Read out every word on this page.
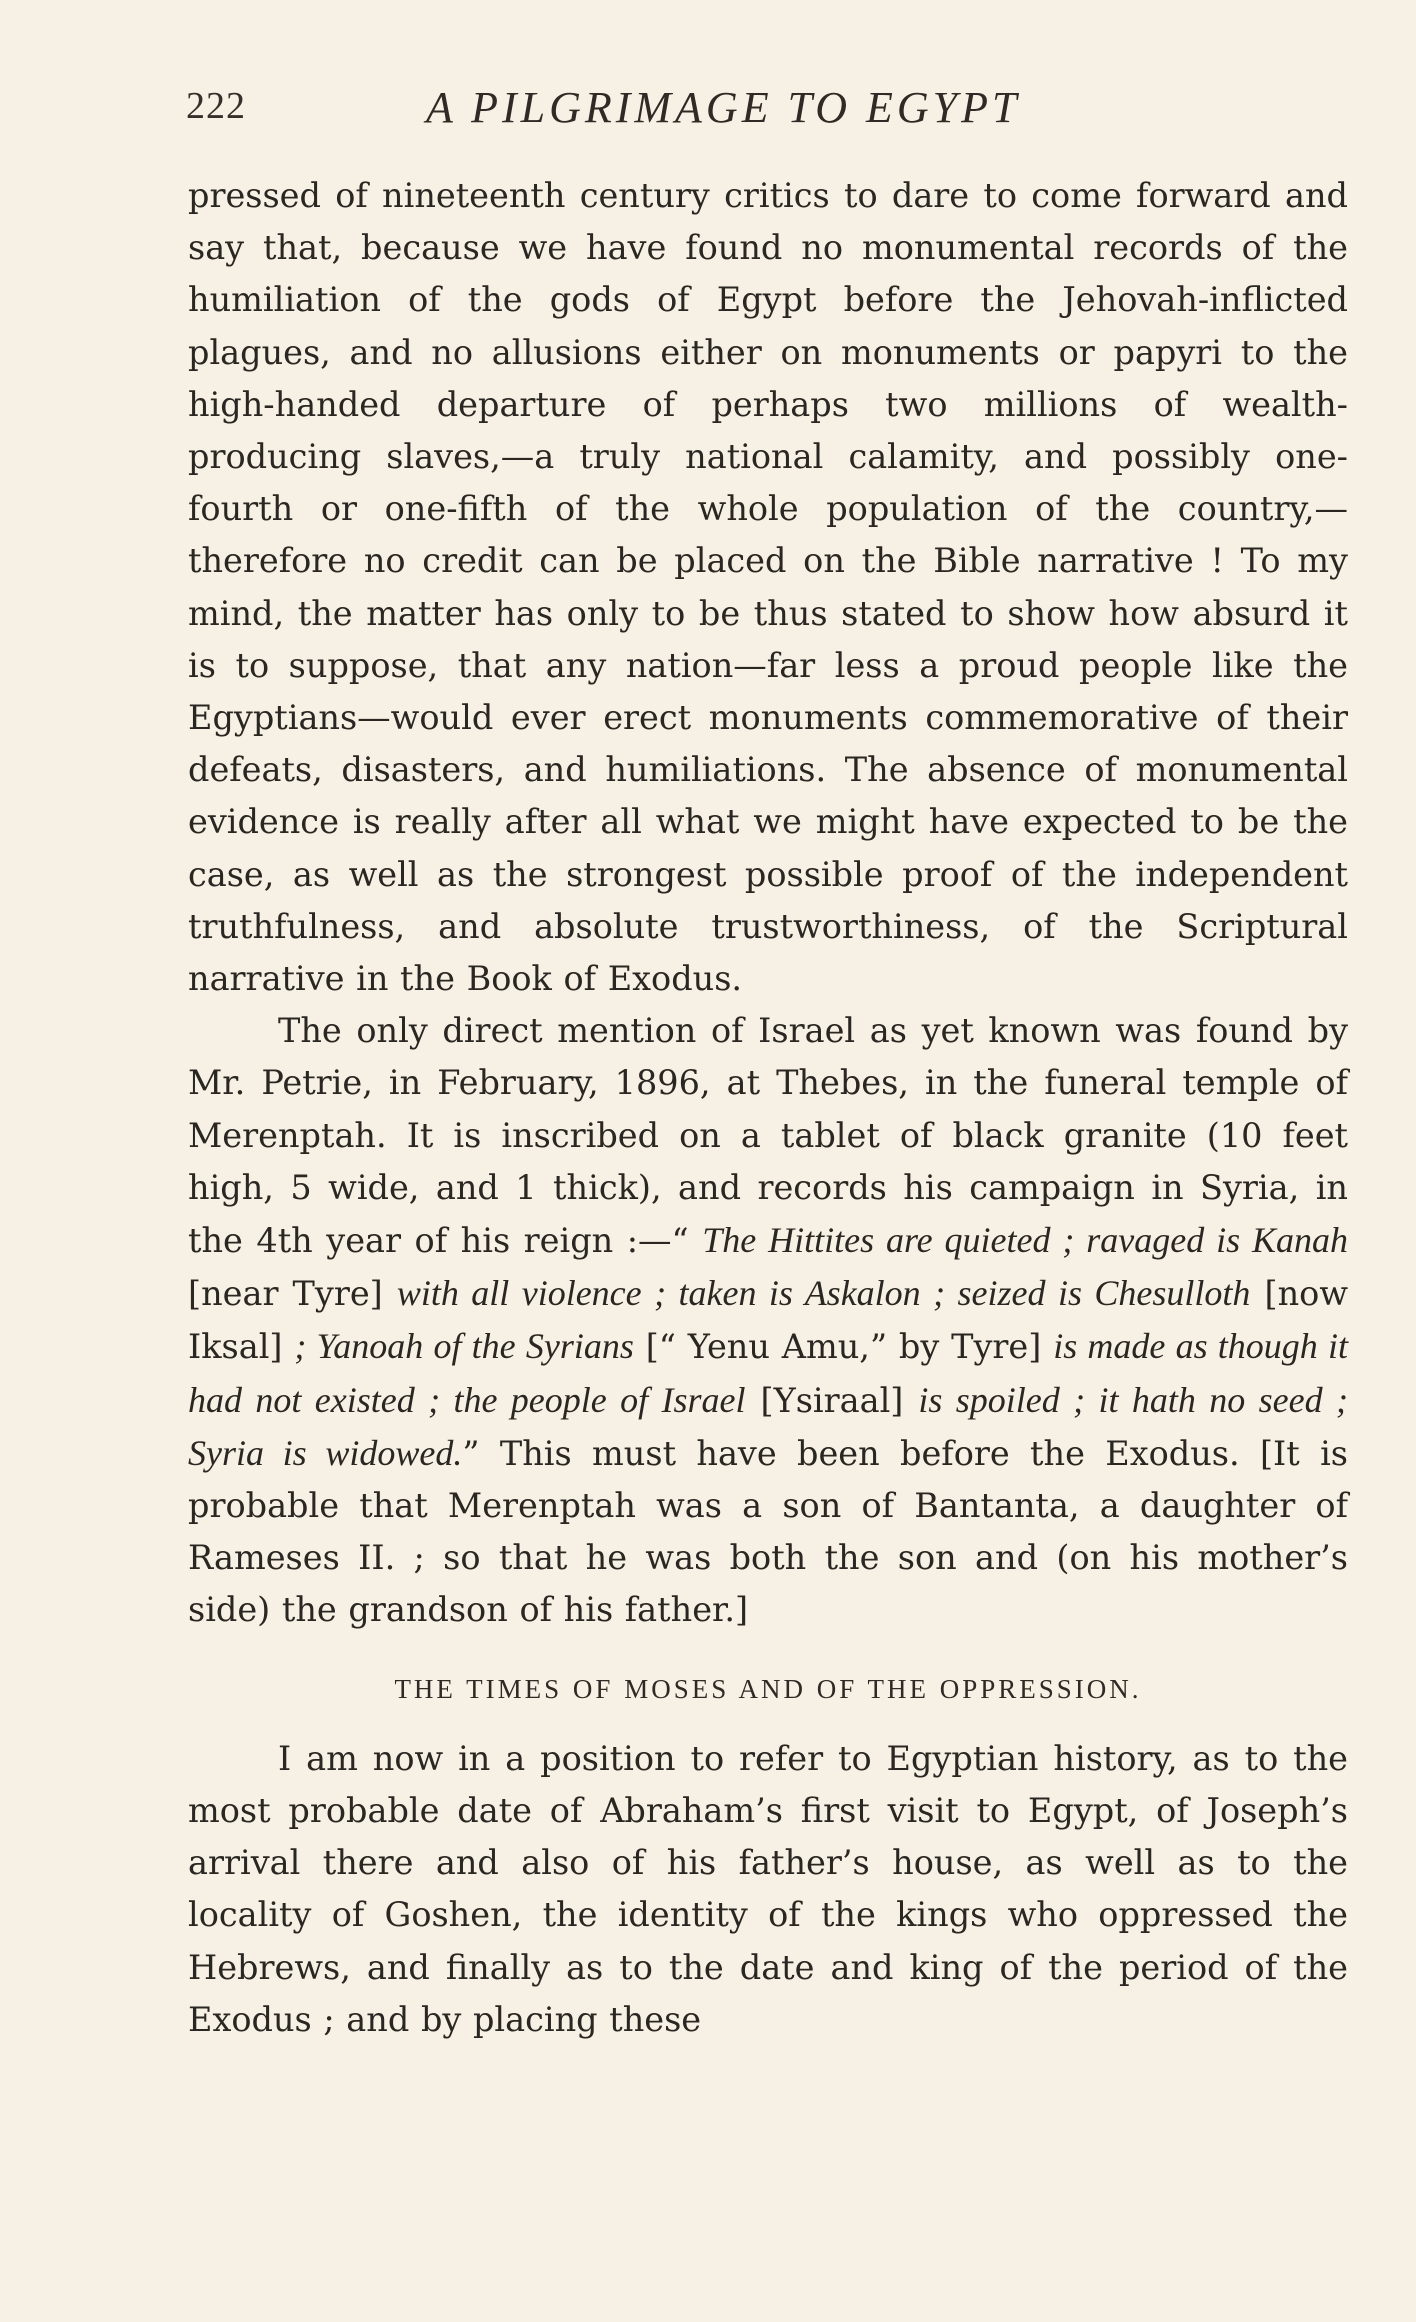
222	A PILGRIMAGE TO EGYPT

pressed of nineteenth century critics to dare to come forward and say that, because we have found no monumental records of the humiliation of the gods of Egypt before the Jehovah-inflicted plagues, and no allusions either on monuments or papyri to the high-handed departure of perhaps two millions of wealth-producing slaves,—a truly national calamity, and possibly one-fourth or one-fifth of the whole population of the country,—therefore no credit can be placed on the Bible narrative ! To my mind, the matter has only to be thus stated to show how absurd it is to suppose, that any nation—far less a proud people like the Egyptians—would ever erect monuments commemorative of their defeats, disasters, and humiliations. The absence of monumental evidence is really after all what we might have expected to be the case, as well as the strongest possible proof of the independent truthfulness, and absolute trustworthiness, of the Scriptural narrative in the Book of Exodus.

The only direct mention of Israel as yet known was found by Mr. Petrie, in February, 1896, at Thebes, in the funeral temple of Merenptah. It is inscribed on a tablet of black granite (10 feet high, 5 wide, and 1 thick), and records his campaign in Syria, in the 4th year of his reign :—“ The Hittites are quieted ; ravaged is Kanah [near Tyre] with all violence ; taken is Askalon ; seized is Chesulloth [now Iksal] ; Yanoah of the Syrians [“ Yenu Amu,” by Tyre] is made as though it had not existed ; the people of Israel [Ysiraal] is spoiled ; it hath no seed ; Syria is widowed.” This must have been before the Exodus. [It is probable that Merenptah was a son of Bantanta, a daughter of Rameses II. ; so that he was both the son and (on his mother’s side) the grandson of his father.]

THE TIMES OF MOSES AND OF THE OPPRESSION.

I am now in a position to refer to Egyptian history, as to the most probable date of Abraham’s first visit to Egypt, of Joseph’s arrival there and also of his father’s house, as well as to the locality of Goshen, the identity of the kings who oppressed the Hebrews, and finally as to the date and king of the period of the Exodus ; and by placing these
